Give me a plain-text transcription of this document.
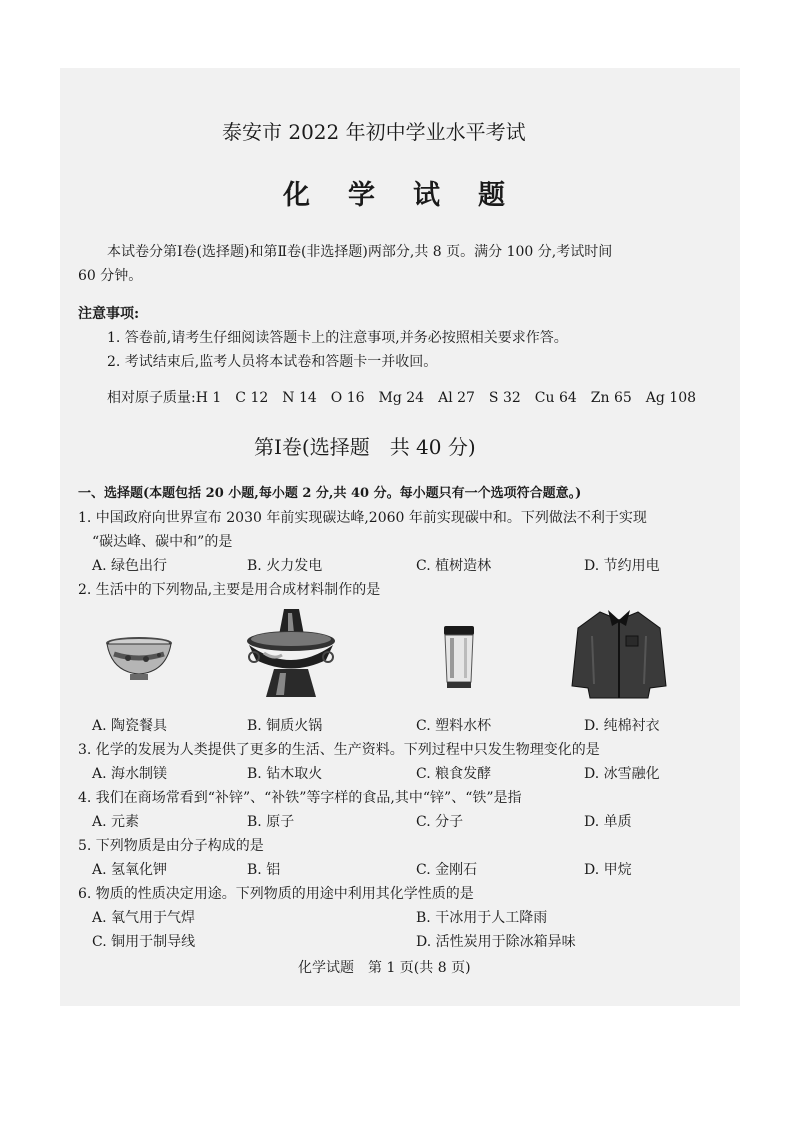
泰安市 2022 年初中学业水平考试
化学试题
本试卷分第Ⅰ卷(选择题)和第Ⅱ卷(非选择题)两部分,共 8 页。满分 100 分,考试时间
60 分钟。
注意事项:
1. 答卷前,请考生仔细阅读答题卡上的注意事项,并务必按照相关要求作答。
2. 考试结束后,监考人员将本试卷和答题卡一并收回。
相对原子质量:H 1　C 12　N 14　O 16　Mg 24　Al 27　S 32　Cu 64　Zn 65　Ag 108
第Ⅰ卷(选择题　共 40 分)
一、选择题(本题包括 20 小题,每小题 2 分,共 40 分。每小题只有一个选项符合题意。)
1. 中国政府向世界宣布 2030 年前实现碳达峰,2060 年前实现碳中和。下列做法不利于实现
“碳达峰、碳中和”的是
A. 绿色出行	B. 火力发电	C. 植树造林	D. 节约用电
2. 生活中的下列物品,主要是用合成材料制作的是
A. 陶瓷餐具	B. 铜质火锅	C. 塑料水杯	D. 纯棉衬衣
3. 化学的发展为人类提供了更多的生活、生产资料。下列过程中只发生物理变化的是
A. 海水制镁	B. 钻木取火	C. 粮食发酵	D. 冰雪融化
4. 我们在商场常看到“补锌”、“补铁”等字样的食品,其中“锌”、“铁”是指
A. 元素	B. 原子	C. 分子	D. 单质
5. 下列物质是由分子构成的是
A. 氢氧化钾	B. 铝	C. 金刚石	D. 甲烷
6. 物质的性质决定用途。下列物质的用途中利用其化学性质的是
A. 氧气用于气焊	B. 干冰用于人工降雨
C. 铜用于制导线	D. 活性炭用于除冰箱异味
化学试题　第 1 页(共 8 页)
